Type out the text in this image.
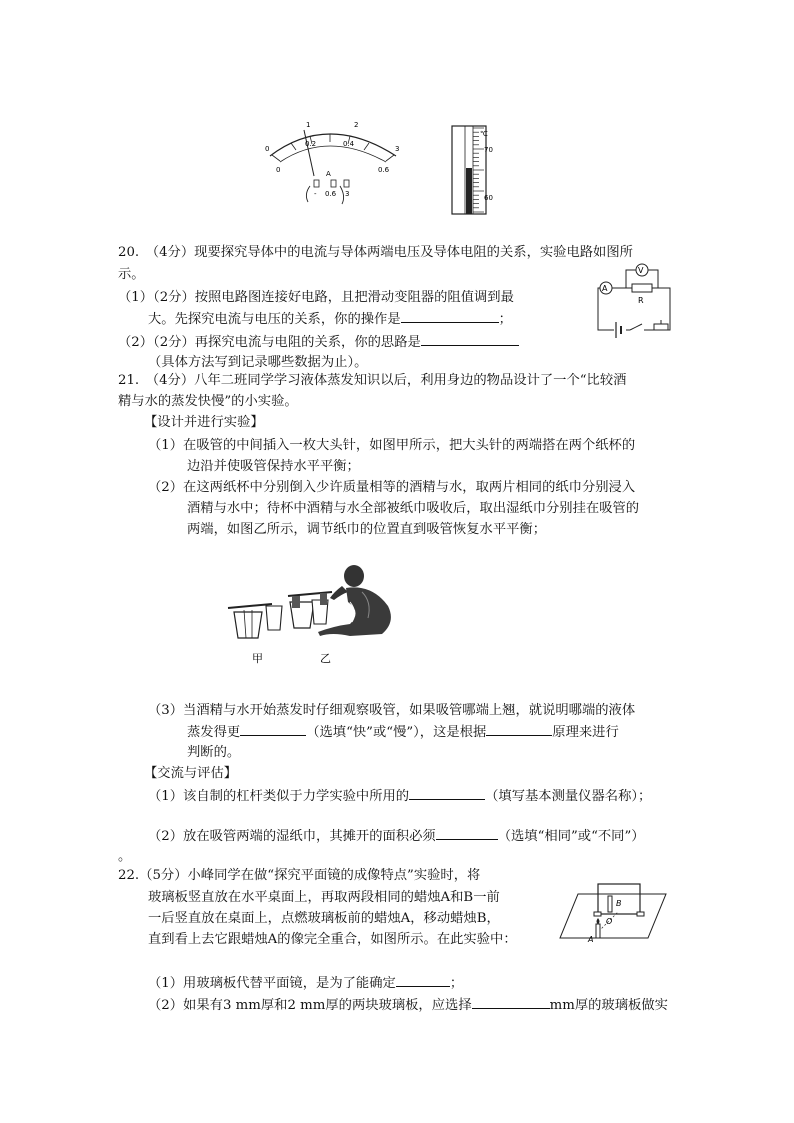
0
1	2
3
0
0.2	0.4
0.6
A
- 0.6 3
℃
70
60
20.　（4分）现要探究导体中的电流与导体两端电压及导体电阻的关系，实验电路如图所
示。
（1）（2分）按照电路图连接好电路，且把滑动变阻器的阻值调到最
大。先探究电流与电压的关系，你的操作是	；
（2）（2分）再探究电流与电阻的关系，你的思路是
（具体方法写到记录哪些数据为止）。
V
A
R
21.　（4分）八年二班同学学习液体蒸发知识以后，利用身边的物品设计了一个“比较酒
精与水的蒸发快慢”的小实验。
【设计并进行实验】
（1）在吸管的中间插入一枚大头针，如图甲所示，把大头针的两端搭在两个纸杯的
边沿并使吸管保持水平平衡；
（2）在这两纸杯中分别倒入少许质量相等的酒精与水，取两片相同的纸巾分别浸入
酒精与水中；待杯中酒精与水全部被纸巾吸收后，取出湿纸巾分别挂在吸管的
两端，如图乙所示，调节纸巾的位置直到吸管恢复水平平衡；
甲	乙
（3）当酒精与水开始蒸发时仔细观察吸管，如果吸管哪端上翘，就说明哪端的液体
蒸发得更	（选填“快”或“慢”），这是根据	原理来进行
判断的。
【交流与评估】
（1）该自制的杠杆类似于力学实验中所用的	（填写基本测量仪器名称）；
（2）放在吸管两端的湿纸巾，其摊开的面积必须	（选填“相同”或“不同”）
。
22.（5分）小峰同学在做“探究平面镜的成像特点”实验时，将
玻璃板竖直放在水平桌面上，再取两段相同的蜡烛A和B一前
一后竖直放在桌面上，点燃玻璃板前的蜡烛A，移动蜡烛B，
直到看上去它跟蜡烛A的像完全重合，如图所示。在此实验中：
B
O
A
（1）用玻璃板代替平面镜，是为了能确定	；
（2）如果有3 mm厚和2 mm厚的两块玻璃板，应选择	mm厚的玻璃板做实
